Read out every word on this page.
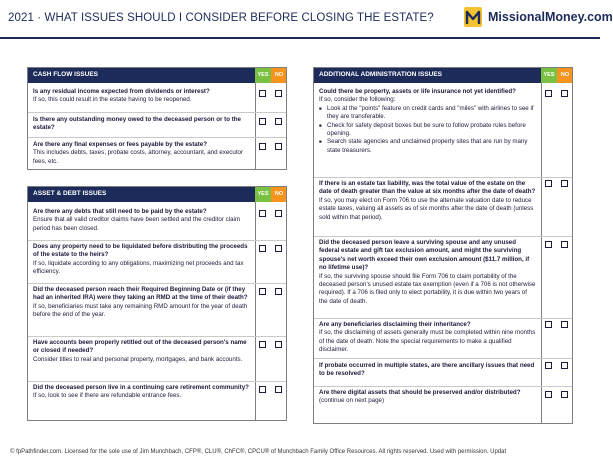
2021 · WHAT ISSUES SHOULD I CONSIDER BEFORE CLOSING THE ESTATE?	MissionalMoney.com
CASH FLOW ISSUES	YES	NO
Is any residual income expected from dividends or interest?
If so, this could result in the estate having to be reopened.
Is there any outstanding money owed to the deceased person or to the estate?
Are there any final expenses or fees payable by the estate?
This includes debts, taxes, probate costs, attorney, accountant, and executor fees, etc.
ASSET & DEBT ISSUES	YES	NO
Are there any debts that still need to be paid by the estate?
Ensure that all valid creditor claims have been settled and the creditor claim period has been closed.
Does any property need to be liquidated before distributing the proceeds of the estate to the heirs?
If so, liquidate according to any obligations, maximizing net proceeds and tax efficiency.
Did the deceased person reach their Required Beginning Date or (if they had an inherited IRA) were they taking an RMD at the time of their death?
If so, beneficiaries must take any remaining RMD amount for the year of death before the end of the year.
Have accounts been properly retitled out of the deceased person's name or closed if needed?
Consider titles to real and personal property, mortgages, and bank accounts.
Did the deceased person live in a continuing care retirement community?
If so, look to see if there are refundable entrance fees.
ADDITIONAL ADMINISTRATION ISSUES	YES	NO
Could there be property, assets or life insurance not yet identified?
If so, consider the following:
■ Look at the "points" feature on credit cards and "miles" with airlines to see if they are transferable.
■ Check for safety deposit boxes but be sure to follow probate rules before opening.
■ Search state agencies and unclaimed property sites that are run by many state treasurers.
If there is an estate tax liability, was the total value of the estate on the date of death greater than the value at six months after the date of death?
If so, you may elect on Form 706 to use the alternate valuation date to reduce estate taxes, valuing all assets as of six months after the date of death (unless sold within that period).
Did the deceased person leave a surviving spouse and any unused federal estate and gift tax exclusion amount, and might the surviving spouse's net worth exceed their own exclusion amount ($11.7 million, if no lifetime use)?
If so, the surviving spouse should file Form 706 to claim portability of the deceased person's unused estate tax exemption (even if a 706 is not otherwise required). If a 706 is filed only to elect portability, it is due within two years of the date of death.
Are any beneficiaries disclaiming their inheritance?
If so, the disclaiming of assets generally must be completed within nine months of the date of death. Note the special requirements to make a qualified disclaimer.
If probate occurred in multiple states, are there ancillary issues that need to be resolved?
Are there digital assets that should be preserved and/or distributed?
(continue on next page)
© fpPathfinder.com. Licensed for the sole use of Jim Munchbach, CFP®, CLU®, ChFC®, CPCU® of Munchbach Family Office Resources. All rights reserved. Used with permission. Updat
